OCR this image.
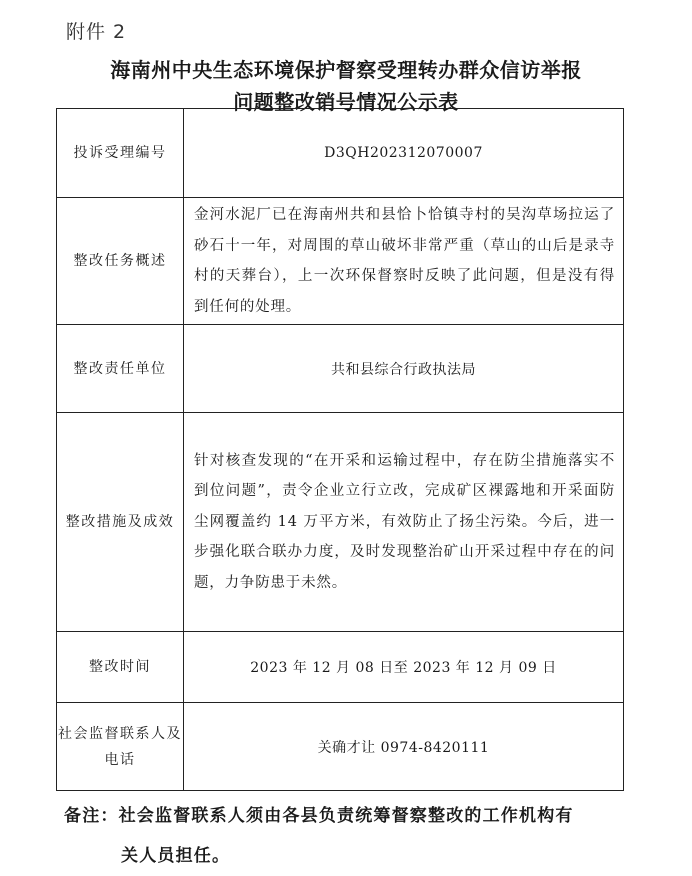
附件 2
海南州中央生态环境保护督察受理转办群众信访举报
问题整改销号情况公示表
投诉受理编号	D3QH202312070007
整改任务概述	金河水泥厂已在海南州共和县恰卜恰镇寺村的吴沟草场拉运了砂石十一年，对周围的草山破坏非常严重（草山的山后是录寺村的天葬台），上一次环保督察时反映了此问题，但是没有得到任何的处理。
整改责任单位	共和县综合行政执法局
整改措施及成效	针对核查发现的“在开采和运输过程中，存在防尘措施落实不到位问题”，责令企业立行立改，完成矿区裸露地和开采面防尘网覆盖约 14 万平方米，有效防止了扬尘污染。今后，进一步强化联合联办力度，及时发现整治矿山开采过程中存在的问题，力争防患于未然。
整改时间	2023 年 12 月 08 日至 2023 年 12 月 09 日
社会监督联系人及电话	关确才让 0974-8420111
备注：社会监督联系人须由各县负责统筹督察整改的工作机构有
关人员担任。
